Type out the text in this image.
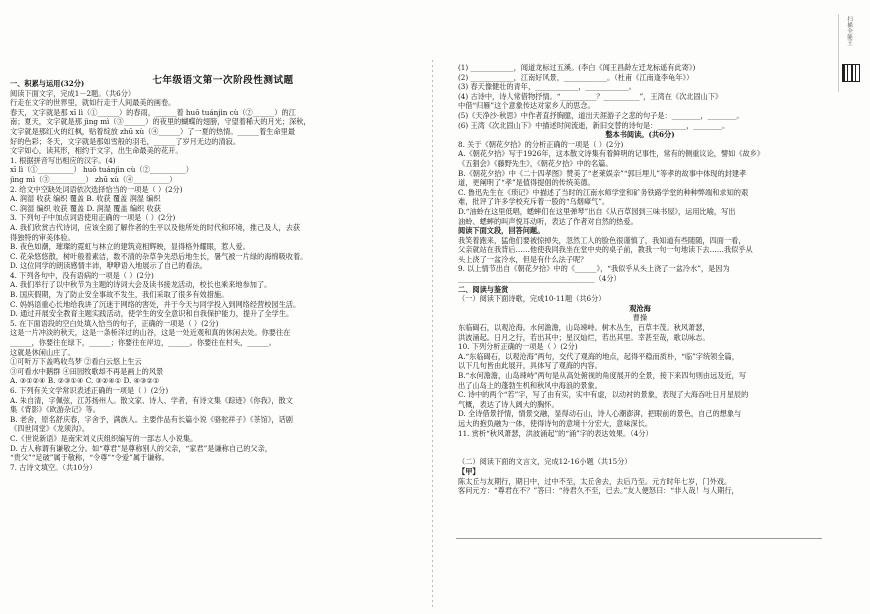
七年级语文第一次阶段性测试题
一、积累与运用(32分)
阅读下面文字，完成1－2题。（共6分）
行走在文字的世界里，就如行走于人间最美的画卷。
春天，文字就是那 xī lì（①______）的春雨，______着 huō tuánjìn cù（②______）的江
南；夏天，文字就是那 jìng mì（③______）的夜里的蝴蝶的翅膀，守望着稀大的月光；深秋，
文字就是那红火的红枫，贴着绽放 zhū xù（④______）了一夏的热情。______着生命里最
好的色彩；冬天，文字就是那如雪般的羽毛，______了岁月无边的清寂。
文字如心，读其形，相约于文字，出生命最美的花开。
1. 根据拼音写出相应的汉字。(4)
xī lì（①__________） huō tuánjìn cù（②__________）
jìng mì（③__________） zhū xù（④__________）
2. 给文中空缺处词语依次选择恰当的一项是（ ）(2分)
A. 润湿 收获 编织 覆盖 B. 收获 覆盖 润湿 编织
C. 润湿 编织 收获 覆盖 D. 润湿 覆盖 编织 收获
3. 下列句子中加点词语使用正确的一项是（ ）(2分)
A. 我们欣赏古代诗词，应该全面了解作者的生平以及他所处的时代和环境，推己及人，去获
得独特的审美体验。
B. 夜色如潮，璀璨的霓虹与林立的建筑竞相辉映，显得格外耀眼，惹人爱。
C. 花朵悠悠散，树叶般着素洁，数不清的杂草争先恐后地生长，暑气被一片绿的海绵吸收着。
D. 这位同学的朗读感情丰沛，咿咿语入地展示了自己的看法。
4. 下列各句中，没有语病的一项是（ ）(2分)
A. 我们举行了以中秋节为主题的诗词大会及读书接龙活动，校长也乘来地参加了。
B. 国庆假期，为了防止安全事故不发生，我们采取了很多有效措施。
C. 妈妈语重心长地给我讲了沉迷于网络的害处，并于今天与同学投入到网络经营校园生活。
D. 通过开展安全教育主题实践活动，使学生的安全意识和自我保护能力，提升了全学生。
5. 在下面语段的空白处填入恰当的句子，正确的一项是（ ）(2分)
这是一片冲淡的秋天，这是一条桥洋过的山谷，这是一处近观和真的休闲去处。你要往在
______，你要往在绿下，______；你要往在岸边，______。你要往在村头，______。
这就是休闲山庄了。
①可听万下盖鸣收鸟梦 ②看白云悠上生云
③可看水中鹅群 ④田园牧歌却不再是画上的风景
A. ③①②④ B. ②③①④ C. ③②④① D. ④③②①
6. 下列有关文学常识表述正确的一项是（ ）(2分)
A. 朱自清，字佩弦，江苏扬州人。散文家、诗人、学者，有诗文集《踪迹》《你我》，散文
集《背影》《欧游杂记》等。
B. 老舍，原名舒庆春，字舍予，满族人。主要作品有长篇小说《骆驼祥子》《茶馆》，话剧
《四世同堂》《龙须沟》。
C.《世说新语》是南宋刘义庆组织编写的一部志人小说集。
D. 古人称谓有谦敬之分。如“尊君”是尊称别人的父亲，“家君”是谦称自己的父亲，
“贵父”“足破”属于敬称，“令尊”“令爱”属于谦称。
7. 古诗文填空。（共10分）
(1) ____________，闻道龙标过五溪。(李白《闻王昌龄左迁龙标遥有此寄》)
(2) ____________，江南好风景，____________。（杜甫《江南逢李龟年》）
(3) 春天像健壮的青年，____________，____________。
(4) 古诗中，诗人常借物抒情。“__________？__________”，王湾在《次北固山下》
中借“归雁”这个意象传达对家乡人的思念。
(5)《天净沙·秋思》中作者直抒胸臆，道出天涯游子之悲的句子是：________，________。
(6) 王湾《次北固山下》中描述时间流逝，新旧交替的诗句是：________，________。
整本书阅读。(共6分)
8. 关于《朝花夕拾》的分析正确的一项是（ ）(2分)
A.《朝花夕拾》写于1926年，这本散文诗集有着鲜明的记事性，常有的侧重议论，譬如《故乡》
《五猖会》《藤野先生》，《朝花夕拾》中的名篇。
B.《朝花夕拾》中《二十四孝图》赞美了“老莱娱亲”“郭巨埋儿”等孝的故事中体现的封建孝
道，更阐明了“孝”是值得提倡的传统美德。
C. 鲁迅先生在《琐记》中描述了当时的江南水师学堂和矿务铁路学堂的种种弊端和求知的艰
难，批评了许多学校充斥着一股的“乌烟瘴气”。
D.“油蛉在这里低唱，蟋蟀们在这里弹琴”出自《从百草园到三味书屋》，运用比喻，写出
油蛉、蟋蟀的叫声悦耳动听，表达了作者对自然的热爱。
阅读下面文段，回答问题。
我笑着跑来，猛他们要被惊掉失，忽然工人的脸色很谨慎了，我知道有些随随，四面一看，
父亲就站在我背后……他使我同我坐在堂中央的桌子前，教我一句一句地读下去……我似乎从
头上浇了一盆冷水，但是有什么法子呢？
9. 以上情节出自《朝花夕拾》中的《______》，“我似乎从头上浇了一盆冷水”，是因为
______________________________________（4分）
二、阅读与鉴赏
（一）阅读下面诗歌，完成10-11题（共6分）
观沧海
曹操
东临碣石，以观沧海。水何澹澹，山岛竦峙。树木丛生，百草丰茂。秋风萧瑟，
洪波涌起。日月之行，若出其中；星汉灿烂，若出其里。幸甚至哉，歌以咏志。
10. 下列分析正确的一项是（ ）(2分)
A.“东临碣石，以观沧海”两句，交代了观海的地点，起得平稳而质朴，“临”字统领全篇，
以下几句皆由此展开，具体写了观海的内容。
B.“水何澹澹，山岛竦峙”两句是从高处俯视的角度展开的全景，接下来四句则由远及近，写
出了山岛上的蓬勃生机和秋风中海浪的景象。
C. 诗中的两个“若”字，写了由有实，实中有虚，以动衬的景象，表现了大海吞吐日月星辰的
气概，表达了诗人阔大的胸怀。
D. 全诗借景抒情，情景交融，显得动石山，诗人心潮澎湃，把眼前的景色，自己的想象与
远大的抱负融为一体，使得诗句的意境十分宏大，意味深长。
11. 赏析“秋风萧瑟，洪波涌起”的“涌”字的表达效果。（4分）
（二）阅读下面的文言文，完成12-16小题（共15分）
【甲】
陈太丘与友期行，期日中，过中不至，太丘舍去，去后乃至。元方时年七岁，门外戏。
客问元方：“尊君在不？”答曰：“待君久不至，已去。”友人便怒曰：“非人哉！与人期行，
扫描全能王
